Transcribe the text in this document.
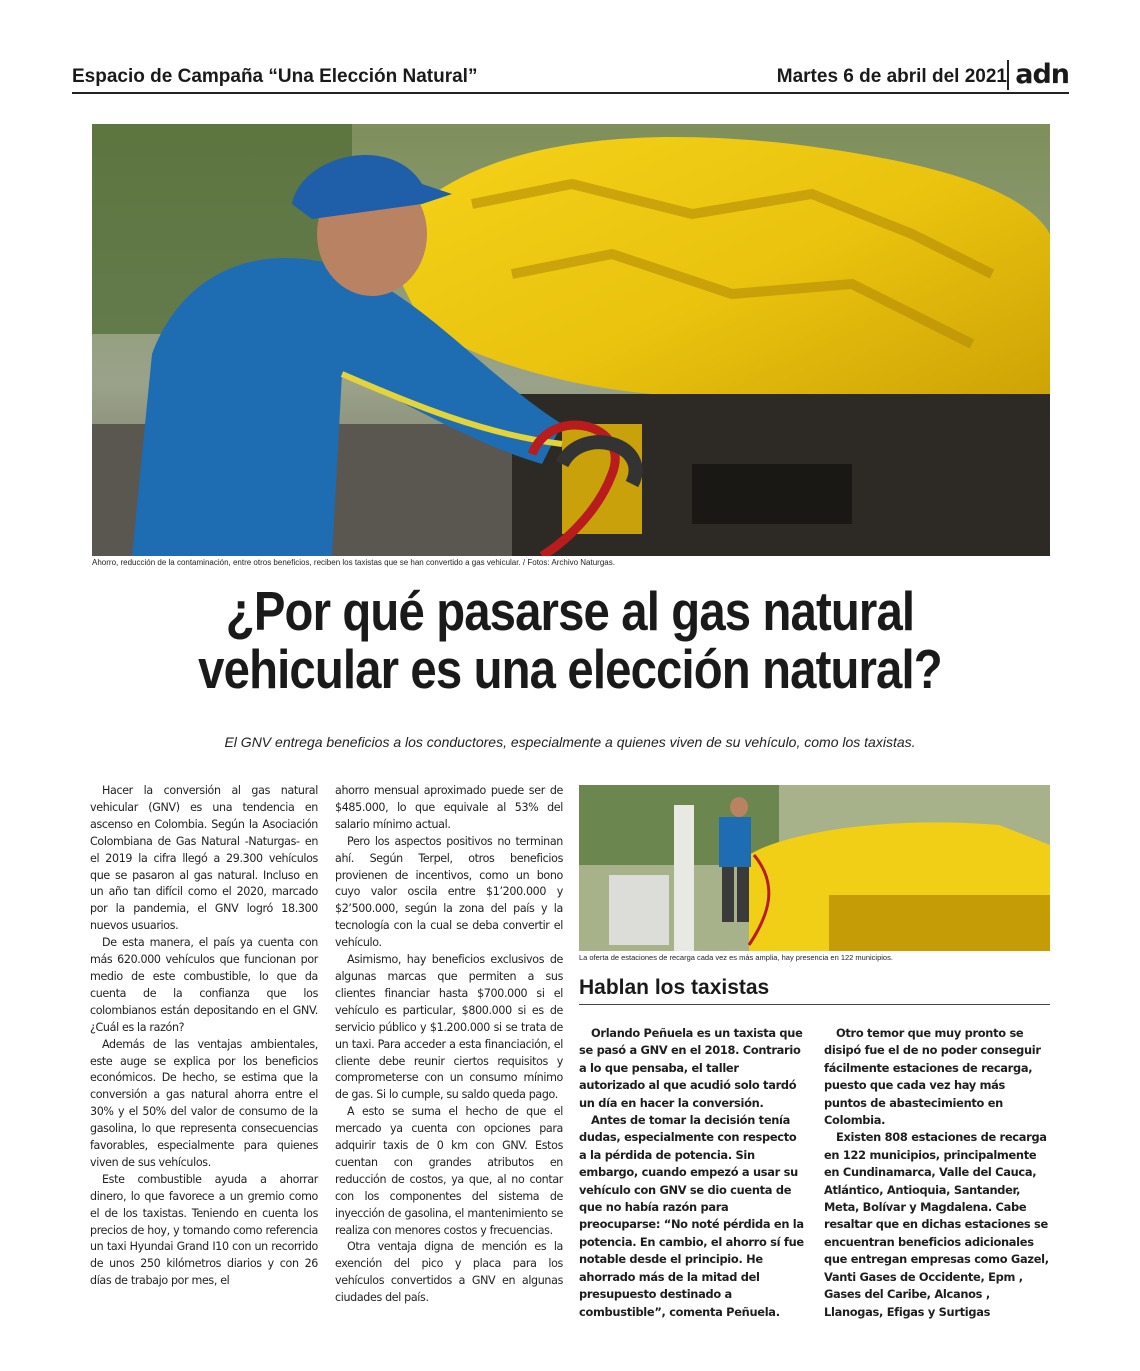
Espacio de Campaña “Una Elección Natural”	Martes 6 de abril del 2021 adn
Ahorro, reducción de la contaminación, entre otros beneficios, reciben los taxistas que se han convertido a gas vehicular. / Fotos: Archivo Naturgas.
¿Por qué pasarse al gas natural
vehicular es una elección natural?
El GNV entrega beneficios a los conductores, especialmente a quienes viven de su vehículo, como los taxistas.

Hacer la conversión al gas natural vehicular (GNV) es una tendencia en ascenso en Colombia. Según la Asociación Colombiana de Gas Natural -Naturgas- en el 2019 la cifra llegó a 29.300 vehículos que se pasaron al gas natural. Incluso en un año tan difícil como el 2020, marcado por la pandemia, el GNV logró 18.300 nuevos usuarios.

De esta manera, el país ya cuenta con más 620.000 vehículos que funcionan por medio de este combustible, lo que da cuenta de la confianza que los colombianos están depositando en el GNV. ¿Cuál es la razón?

Además de las ventajas ambientales, este auge se explica por los beneficios económicos. De hecho, se estima que la conversión a gas natural ahorra entre el 30% y el 50% del valor de consumo de la gasolina, lo que representa consecuencias favorables, especialmente para quienes viven de sus vehículos.

Este combustible ayuda a ahorrar dinero, lo que favorece a un gremio como el de los taxistas. Teniendo en cuenta los precios de hoy, y tomando como referencia un taxi Hyundai Grand I10 con un recorrido de unos 250 kilómetros diarios y con 26 días de trabajo por mes, el

ahorro mensual aproximado puede ser de $485.000, lo que equivale al 53% del salario mínimo actual.

Pero los aspectos positivos no terminan ahí. Según Terpel, otros beneficios provienen de incentivos, como un bono cuyo valor oscila entre $1’200.000 y $2’500.000, según la zona del país y la tecnología con la cual se deba convertir el vehículo.

Asimismo, hay beneficios exclusivos de algunas marcas que permiten a sus clientes financiar hasta $700.000 si el vehículo es particular, $800.000 si es de servicio público y $1.200.000 si se trata de un taxi. Para acceder a esta financiación, el cliente debe reunir ciertos requisitos y comprometerse con un consumo mínimo de gas. Si lo cumple, su saldo queda pago.

A esto se suma el hecho de que el mercado ya cuenta con opciones para adquirir taxis de 0 km con GNV. Estos cuentan con grandes atributos en reducción de costos, ya que, al no contar con los componentes del sistema de inyección de gasolina, el mantenimiento se realiza con menores costos y frecuencias.

Otra ventaja digna de mención es la exención del pico y placa para los vehículos convertidos a GNV en algunas ciudades del país.

La oferta de estaciones de recarga cada vez es más amplia, hay presencia en 122 municipios.
Hablan los taxistas

Orlando Peñuela es un taxista que se pasó a GNV en el 2018. Contrario a lo que pensaba, el taller autorizado al que acudió solo tardó un día en hacer la conversión.

Antes de tomar la decisión tenía dudas, especialmente con respecto a la pérdida de potencia. Sin embargo, cuando empezó a usar su vehículo con GNV se dio cuenta de que no había razón para preocuparse: “No noté pérdida en la potencia. En cambio, el ahorro sí fue notable desde el principio. He ahorrado más de la mitad del presupuesto destinado a combustible”, comenta Peñuela.

Otro temor que muy pronto se disipó fue el de no poder conseguir fácilmente estaciones de recarga, puesto que cada vez hay más puntos de abastecimiento en Colombia.

Existen 808 estaciones de recarga en 122 municipios, principalmente en Cundinamarca, Valle del Cauca, Atlántico, Antioquia, Santander, Meta, Bolívar y Magdalena. Cabe resaltar que en dichas estaciones se encuentran beneficios adicionales que entregan empresas como Gazel, Vanti Gases de Occidente, Epm , Gases del Caribe, Alcanos , Llanogas, Efigas y Surtigas
